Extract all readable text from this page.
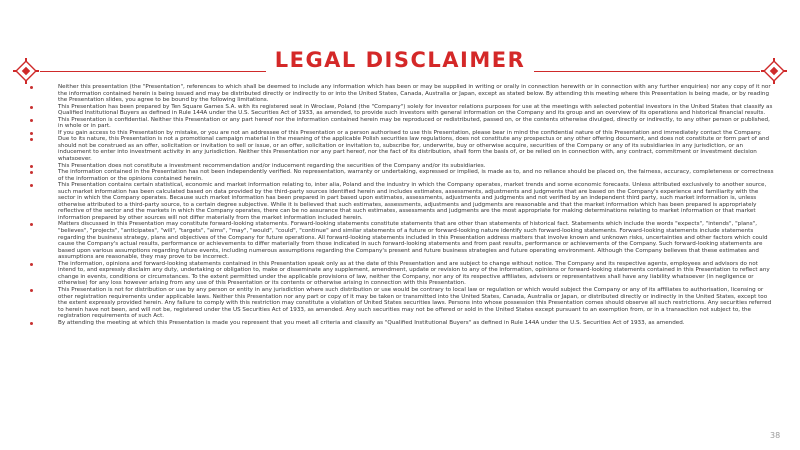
LEGAL DISCLAIMER
Neither this presentation (the "Presentation", references to which shall be deemed to include any information which has been or may be supplied in writing or orally in connection herewith or in connection with any further enquiries) nor any copy of it nor the information contained herein is being issued and may be distributed directly or indirectly to or into the United States, Canada, Australia or Japan, except as stated below. By attending this meeting where this Presentation is being made, or by reading the Presentation slides, you agree to be bound by the following limitations.
This Presentation has been prepared by Ten Square Games S.A. with its registered seat in Wroclaw, Poland (the "Company") solely for investor relations purposes for use at the meetings with selected potential investors in the United States that classify as Qualified Institutional Buyers as defined in Rule 144A under the U.S. Securities Act of 1933, as amended, to provide such investors with general information on the Company and its group and an overview of its operations and historical financial results.
This Presentation is confidential. Neither this Presentation or any part hereof nor the information contained herein may be reproduced or redistributed, passed on, or the contents otherwise divulged, directly or indirectly, to any other person or published, in whole or in part.
If you gain access to this Presentation by mistake, or you are not an addressee of this Presentation or a person authorised to use this Presentation, please bear in mind the confidential nature of this Presentation and immediately contact the Company.
Due to its nature, this Presentation is not a promotional campaign material in the meaning of the applicable Polish securities law regulations, does not constitute any prospectus or any other offering document, and does not constitute or form part of and should not be construed as an offer, solicitation or invitation to sell or issue, or an offer, solicitation or invitation to, subscribe for, underwrite, buy or otherwise acquire, securities of the Company or any of its subsidiaries in any jurisdiction, or an inducement to enter into investment activity in any jurisdiction. Neither this Presentation nor any part hereof, nor the fact of its distribution, shall form the basis of, or be relied on in connection with, any contract, commitment or investment decision whatsoever.
This Presentation does not constitute a investment recommendation and/or inducement regarding the securities of the Company and/or its subsidiaries.
The information contained in the Presentation has not been independently verified. No representation, warranty or undertaking, expressed or implied, is made as to, and no reliance should be placed on, the fairness, accuracy, completeness or correctness of the information or the opinions contained herein.
This Presentation contains certain statistical, economic and market information relating to, inter alia, Poland and the industry in which the Company operates, market trends and some economic forecasts. Unless attributed exclusively to another source, such market information has been calculated based on data provided by the third-party sources identified herein and includes estimates, assessments, adjustments and judgments that are based on the Company's experience and familiarity with the sector in which the Company operates. Because such market information has been prepared in part based upon estimates, assessments, adjustments and judgments and not verified by an independent third party, such market information is, unless otherwise attributed to a third-party source, to a certain degree subjective. While it is believed that such estimates, assessments, adjustments and judgments are reasonable and that the market information which has been prepared is appropriately reflective of the sector and the markets in which the Company operates, there can be no assurance that such estimates, assessments and judgments are the most appropriate for making determinations relating to market information or that market information prepared by other sources will not differ materially from the market information included herein.
Matters discussed in this Presentation may constitute forward-looking statements. Forward-looking statements constitute statements that are other than statements of historical fact. Statements which include the words "expects", "intends", "plans", "believes", "projects", "anticipates", "will", "targets", "aims", "may", "would", "could", "continue" and similar statements of a future or forward-looking nature identify such forward-looking statements. Forward-looking statements include statements regarding the business strategy, plans and objectives of the Company for future operations. All forward-looking statements included in this Presentation address matters that involve known and unknown risks, uncertainties and other factors which could cause the Company's actual results, performance or achievements to differ materially from those indicated in such forward-looking statements and from past results, performance or achievements of the Company. Such forward-looking statements are based upon various assumptions regarding future events, including numerous assumptions regarding the Company's present and future business strategies and future operating environment. Although the Company believes that these estimates and assumptions are reasonable, they may prove to be incorrect.
The information, opinions and forward-looking statements contained in this Presentation speak only as at the date of this Presentation and are subject to change without notice. The Company and its respective agents, employees and advisors do not intend to, and expressly disclaim any duty, undertaking or obligation to, make or disseminate any supplement, amendment, update or revision to any of the information, opinions or forward-looking statements contained in this Presentation to reflect any change in events, conditions or circumstances. To the extent permitted under the applicable provisions of law, neither the Company, nor any of its respective affiliates, advisers or representatives shall have any liability whatsoever (in negligence or otherwise) for any loss however arising from any use of this Presentation or its contents or otherwise arising in connection with this Presentation.
This Presentation is not for distribution or use by any person or entity in any jurisdiction where such distribution or use would be contrary to local law or regulation or which would subject the Company or any of its affiliates to authorisation, licensing or other registration requirements under applicable laws. Neither this Presentation nor any part or copy of it may be taken or transmitted into the United States, Canada, Australia or Japan, or distributed directly or indirectly in the United States, except too the extent expressly provided herein. Any failure to comply with this restriction may constitute a violation of United States securities laws. Persons into whose possession this Presentation comes should observe all such restrictions. Any securities referred to herein have not been, and will not be, registered under the US Securities Act of 1933, as amended. Any such securities may not be offered or sold in the United States except pursuant to an exemption from, or in a transaction not subject to, the registration requirements of such Act.
By attending the meeting at which this Presentation is made you represent that you meet all criteria and classify as "Qualified Institutional Buyers" as defined in Rule 144A under the U.S. Securities Act of 1933, as amended.
38
